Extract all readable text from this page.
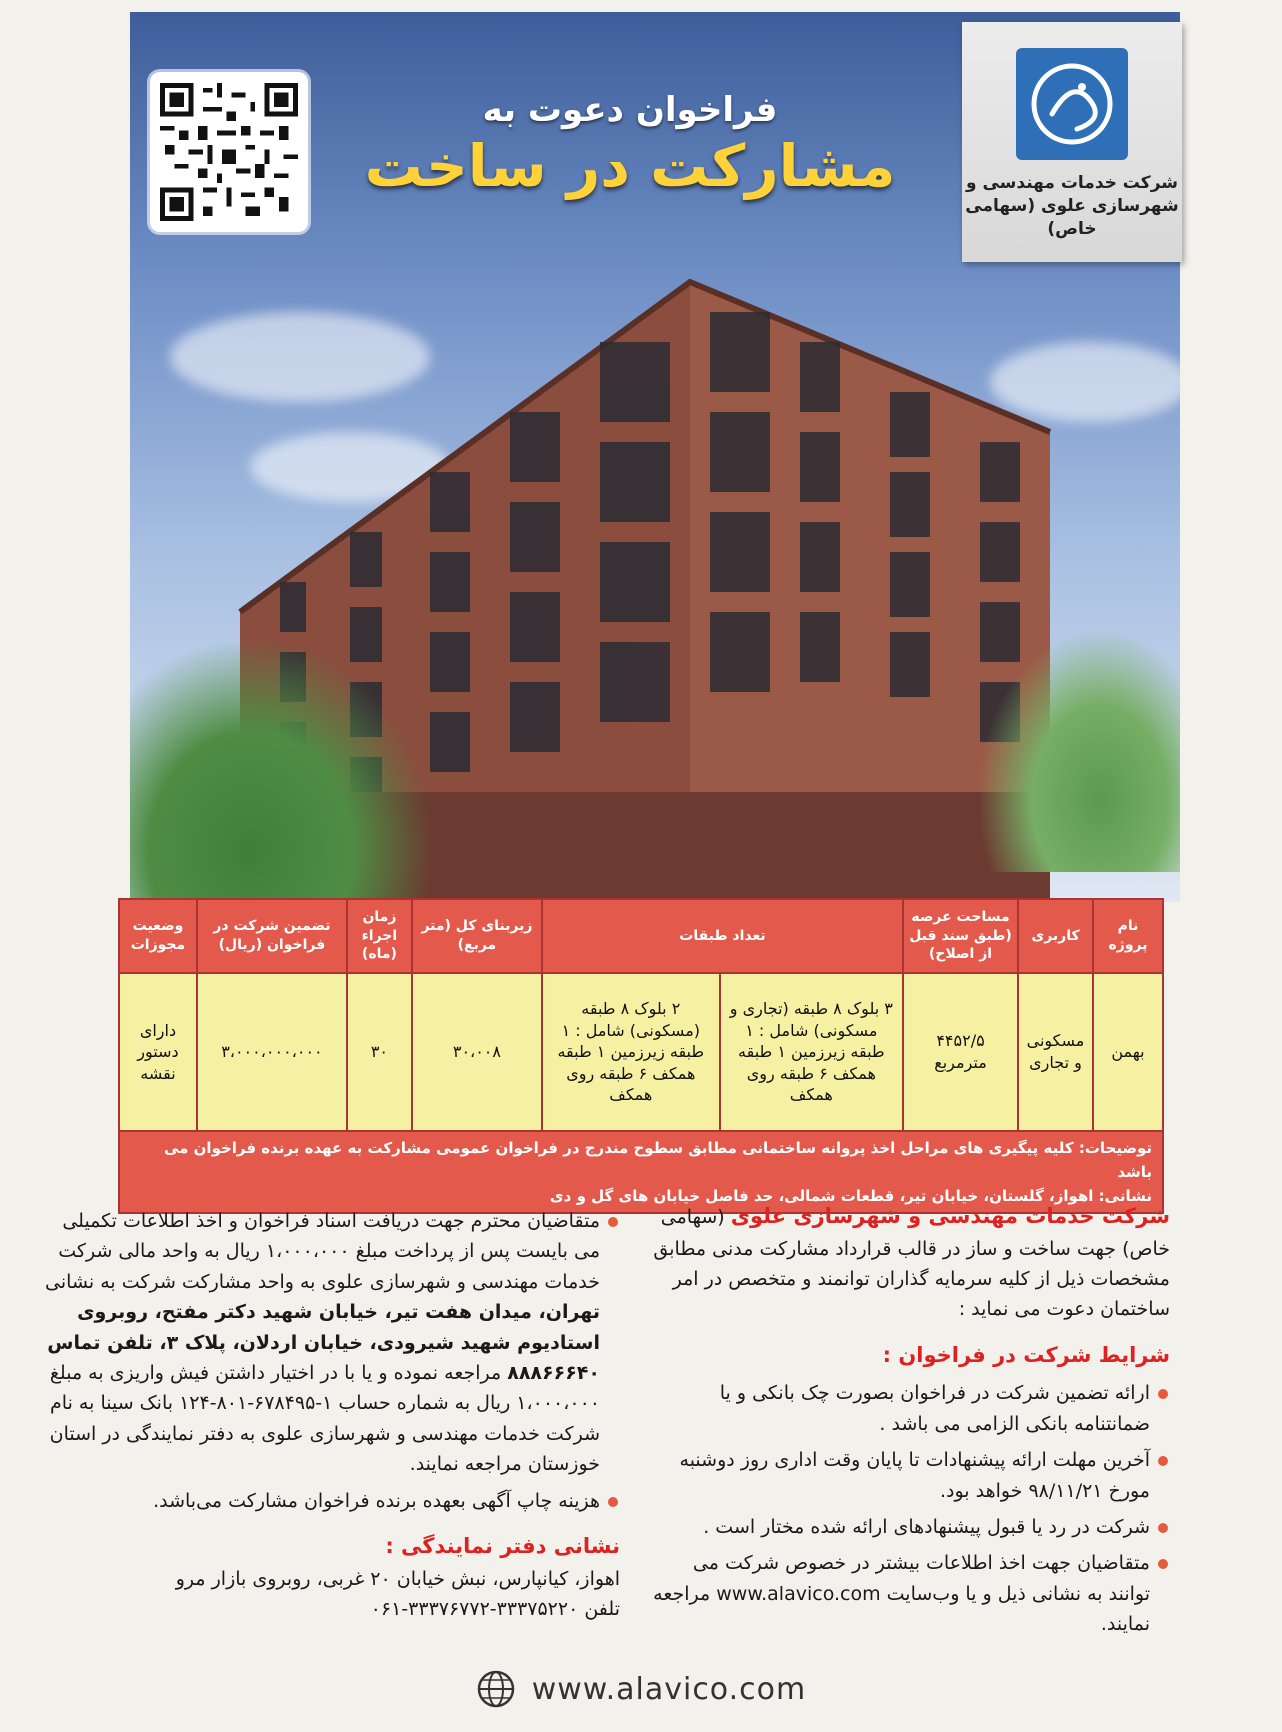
فراخوان دعوت به
مشارکت در ساخت	شرکت خدمات مهندسی و
شهرسازی علوی (سهامی خاص)
نام پروژه	کاربری	مساحت عرصه (طبق سند قبل از اصلاح)	تعداد طبقات		زیربنای کل (متر مربع)	زمان اجراء (ماه)	تضمین شرکت در فراخوان (ریال)	وضعیت مجوزات
بهمن	مسکونی و تجاری	۴۴۵۲/۵ مترمربع	۳ بلوک ۸ طبقه (تجاری و مسکونی) شامل : ۱ طبقه زیرزمین ۱ طبقه همکف ۶ طبقه روی همکف	۲ بلوک ۸ طبقه (مسکونی) شامل : ۱ طبقه زیرزمین ۱ طبقه همکف ۶ طبقه روی همکف	۳۰،۰۰۸	۳۰	۳،۰۰۰،۰۰۰،۰۰۰	دارای دستور نقشه
توضیحات: کلیه پیگیری های مراحل اخذ پروانه ساختمانی مطابق سطوح مندرج در فراخوان عمومی مشارکت به عهده برنده فراخوان می باشد
نشانی: اهواز، گلستان، خیابان تیر، قطعات شمالی، حد فاصل خیابان های گل و دی
شرکت خدمات مهندسی و شهرسازی علوی (سهامی خاص) جهت ساخت و ساز در قالب قرارداد مشارکت مدنی مطابق مشخصات ذیل از کلیه سرمایه گذاران توانمند و متخصص در امر ساختمان دعوت می نماید :
شرایط شرکت در فراخوان :
ارائه تضمین شرکت در فراخوان بصورت چک بانکی و یا ضمانتنامه بانکی الزامی می باشد .
آخرین مهلت ارائه پیشنهادات تا پایان وقت اداری روز دوشنبه مورخ ۹۸/۱۱/۲۱ خواهد بود.
شرکت در رد یا قبول پیشنهادهای ارائه شده مختار است .
متقاضیان جهت اخذ اطلاعات بیشتر در خصوص شرکت می توانند به نشانی ذیل و یا وب‌سایت www.alavico.com مراجعه نمایند.
متقاضیان محترم جهت دریافت اسناد فراخوان و اخذ اطلاعات تکمیلی می بایست پس از پرداخت مبلغ ۱،۰۰۰،۰۰۰ ریال به واحد مالی شرکت خدمات مهندسی و شهرسازی علوی به واحد مشارکت شرکت به نشانی تهران، میدان هفت تیر، خیابان شهید دکتر مفتح، روبروی استادیوم شهید شیرودی، خیابان اردلان، پلاک ۳، تلفن تماس ۸۸۸۶۶۶۴۰ مراجعه نموده و یا با در اختیار داشتن فیش واریزی به مبلغ ۱،۰۰۰،۰۰۰ ریال به شماره حساب ۱-۶۷۸۴۹۵-۸۰۱-۱۲۴ بانک سینا به نام شرکت خدمات مهندسی و شهرسازی علوی به دفتر نمایندگی در استان خوزستان مراجعه نمایند.
هزینه چاپ آگهی بعهده برنده فراخوان مشارکت می‌باشد.
نشانی دفتر نمایندگی :
اهواز، کیانپارس، نبش خیابان ۲۰ غربی، روبروی بازار مرو
تلفن ۳۳۳۷۵۲۲۰-۳۳۳۷۶۷۷۲-۰۶۱
www.alavico.com
